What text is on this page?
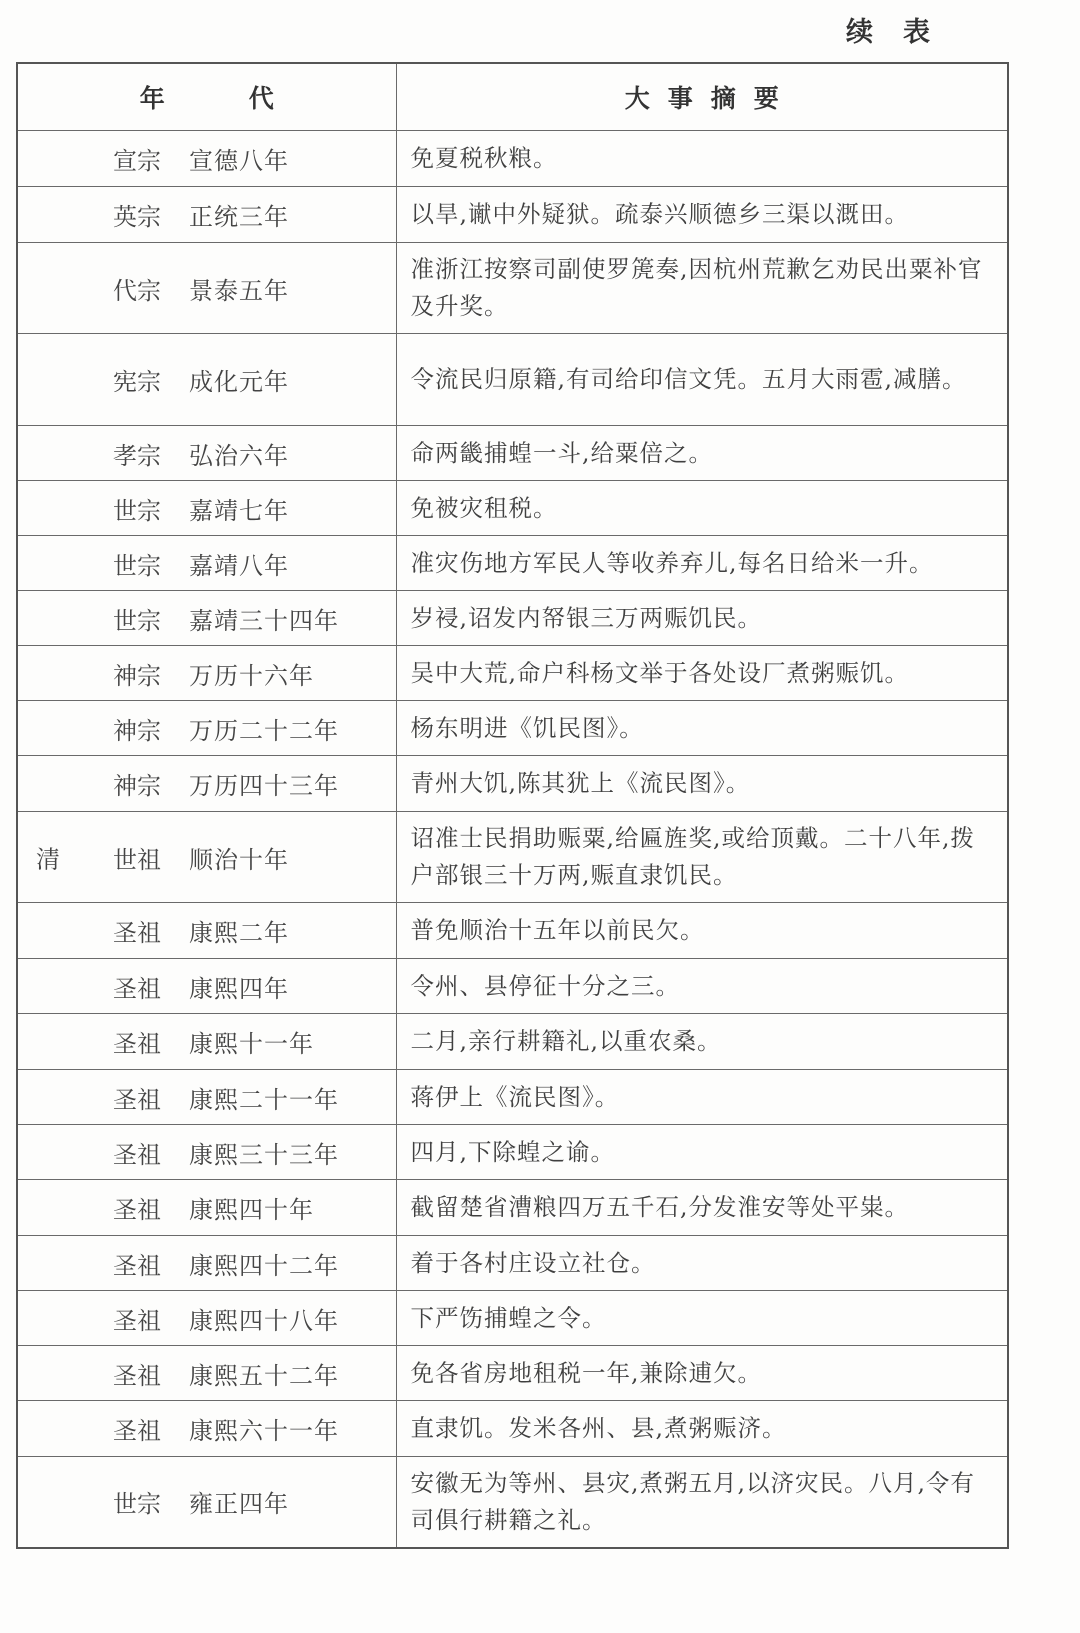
续表
年 代	大 事 摘 要

宣宗 宣德八年	免夏税秋粮。

英宗 正统三年	以旱,谳中外疑狱。疏泰兴顺德乡三渠以溉田。

代宗 景泰五年	准浙江按察司副使罗箎奏,因杭州荒歉乞劝民出粟补官及升奖。

宪宗 成化元年	令流民归原籍,有司给印信文凭。五月大雨雹,减膳。

孝宗 弘治六年	命两畿捕蝗一斗,给粟倍之。

世宗 嘉靖七年	免被灾租税。

世宗 嘉靖八年	准灾伤地方军民人等收养弃儿,每名日给米一升。

世宗 嘉靖三十四年	岁祲,诏发内帑银三万两赈饥民。

神宗 万历十六年	吴中大荒,命户科杨文举于各处设厂煮粥赈饥。

神宗 万历二十二年	杨东明进《饥民图》。

神宗 万历四十三年	青州大饥,陈其犹上《流民图》。

清 世祖 顺治十年	诏准士民捐助赈粟,给匾旌奖,或给顶戴。二十八年,拨户部银三十万两,赈直隶饥民。

圣祖 康熙二年	普免顺治十五年以前民欠。

圣祖 康熙四年	令州、县停征十分之三。

圣祖 康熙十一年	二月,亲行耕籍礼,以重农桑。

圣祖 康熙二十一年	蒋伊上《流民图》。

圣祖 康熙三十三年	四月,下除蝗之谕。

圣祖 康熙四十年	截留楚省漕粮四万五千石,分发淮安等处平粜。

圣祖 康熙四十二年	着于各村庄设立社仓。

圣祖 康熙四十八年	下严饬捕蝗之令。

圣祖 康熙五十二年	免各省房地租税一年,兼除逋欠。

圣祖 康熙六十一年	直隶饥。发米各州、县,煮粥赈济。

世宗 雍正四年	安徽无为等州、县灾,煮粥五月,以济灾民。八月,令有司俱行耕籍之礼。
